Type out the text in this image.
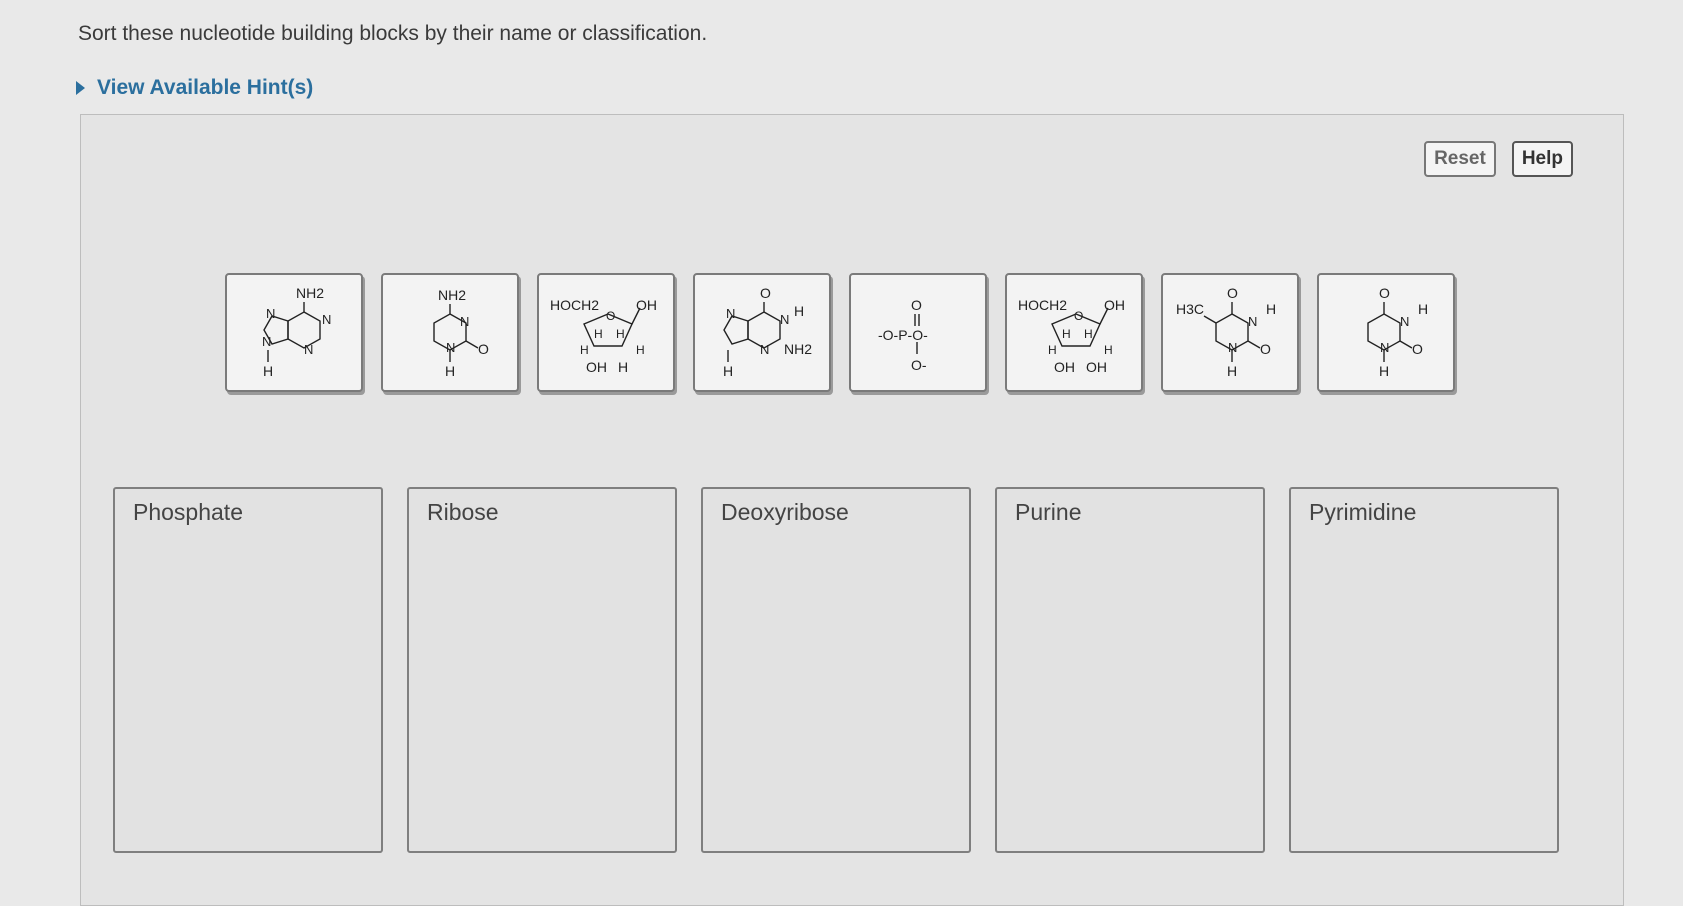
Sort these nucleotide building blocks by their name or classification.
View Available Hint(s)
Reset	Help
NH2
N
N
N
N
H
NH2
N
N O
H
HOCH2	OH
O
H H
H	H
OH H
O
N
H
N
N NH2
H
O
-O-P-O-
O-
HOCH2	OH
O
H H
H	H
OH OH
H3C
O
N
H
N O
H
O
N
H
N O
H
Phosphate	Ribose	Deoxyribose	Purine	Pyrimidine
